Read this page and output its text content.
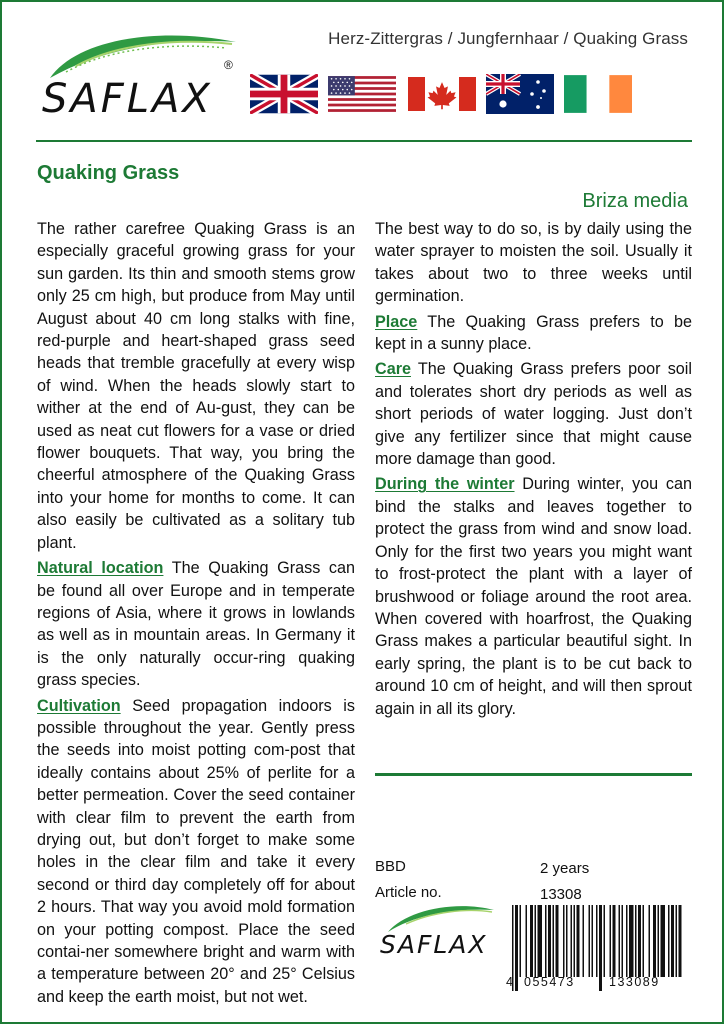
SAFLAX
®
Herz-Zittergras / Jungfernhaar / Quaking Grass
Quaking Grass
Briza media

The rather carefree Quaking Grass is an especially graceful growing grass for your sun garden. Its thin and smooth stems grow only 25 cm high, but produce from May until August about 40 cm long stalks with fine, red-purple and heart-shaped grass seed heads that tremble gracefully at every wisp of wind. When the heads slowly start to wither at the end of Au-gust, they can be used as neat cut flowers for a vase or dried flower bouquets. That way, you bring the cheerful atmosphere of the Quaking Grass into your home for months to come. It can also easily be cultivated as a solitary tub plant.

Natural location The Quaking Grass can be found all over Europe and in temperate regions of Asia, where it grows in lowlands as well as in mountain areas. In Germany it is the only naturally occur-ring quaking grass species.

Cultivation Seed propagation indoors is possible throughout the year. Gently press the seeds into moist potting com-post that ideally contains about 25% of perlite for a better permeation. Cover the seed container with clear film to prevent the earth from drying out, but don’t forget to make some holes in the clear film and take it every second or third day completely off for about 2 hours. That way you avoid mold formation on your potting compost. Place the seed contai-ner somewhere bright and warm with a temperature between 20° and 25° Celsius and keep the earth moist, but not wet.

The best way to do so, is by daily using the water sprayer to moisten the soil. Usually it takes about two to three weeks until germination.

Place The Quaking Grass prefers to be kept in a sunny place.

Care The Quaking Grass prefers poor soil and tolerates short dry periods as well as short periods of water logging. Just don’t give any fertilizer since that might cause more damage than good.

During the winter During winter, you can bind the stalks and leaves together to protect the grass from wind and snow load. Only for the first two years you might want to frost-protect the plant with a layer of brushwood or foliage around the root area. When covered with hoarfrost, the Quaking Grass makes a particular beautiful sight. In early spring, the plant is to be cut back to around 10 cm of height, and will then sprout again in all its glory.

BBD	2 years
Article no.	13308
SAFLAX
4 055473	133089
